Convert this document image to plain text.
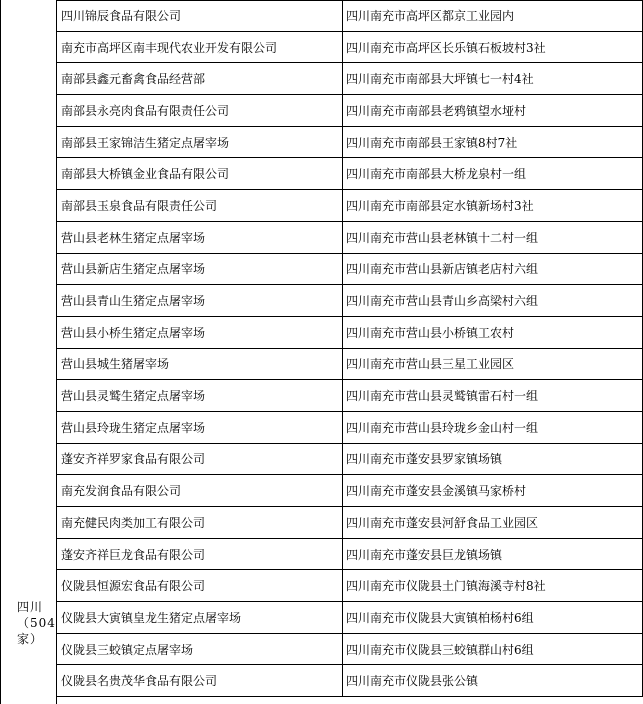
四川
（504
家）
四川锦辰食品有限公司	四川南充市高坪区都京工业园内
南充市高坪区南丰现代农业开发有限公司	四川南充市高坪区长乐镇石板坡村3社
南部县鑫元畜禽食品经营部	四川南充市南部县大坪镇七一村4社
南部县永亮肉食品有限责任公司	四川南充市南部县老鸦镇望水垭村
南部县王家锦洁生猪定点屠宰场	四川南充市南部县王家镇8村7社
南部县大桥镇金业食品有限公司	四川南充市南部县大桥龙泉村一组
南部县玉泉食品有限责任公司	四川南充市南部县定水镇新场村3社
营山县老林生猪定点屠宰场	四川南充市营山县老林镇十二村一组
营山县新店生猪定点屠宰场	四川南充市营山县新店镇老店村六组
营山县青山生猪定点屠宰场	四川南充市营山县青山乡高梁村六组
营山县小桥生猪定点屠宰场	四川南充市营山县小桥镇工农村
营山县城生猪屠宰场	四川南充市营山县三星工业园区
营山县灵鹫生猪定点屠宰场	四川南充市营山县灵鹫镇雷石村一组
营山县玲珑生猪定点屠宰场	四川南充市营山县玲珑乡金山村一组
蓬安齐祥罗家食品有限公司	四川南充市蓬安县罗家镇场镇
南充发润食品有限公司	四川南充市蓬安县金溪镇马家桥村
南充健民肉类加工有限公司	四川南充市蓬安县河舒食品工业园区
蓬安齐祥巨龙食品有限公司	四川南充市蓬安县巨龙镇场镇
仪陇县恒源宏食品有限公司	四川南充市仪陇县土门镇海溪寺村8社
仪陇县大寅镇皇龙生猪定点屠宰场	四川南充市仪陇县大寅镇柏杨村6组
仪陇县三蛟镇定点屠宰场	四川南充市仪陇县三蛟镇群山村6组
仪陇县名贵茂华食品有限公司	四川南充市仪陇县张公镇
